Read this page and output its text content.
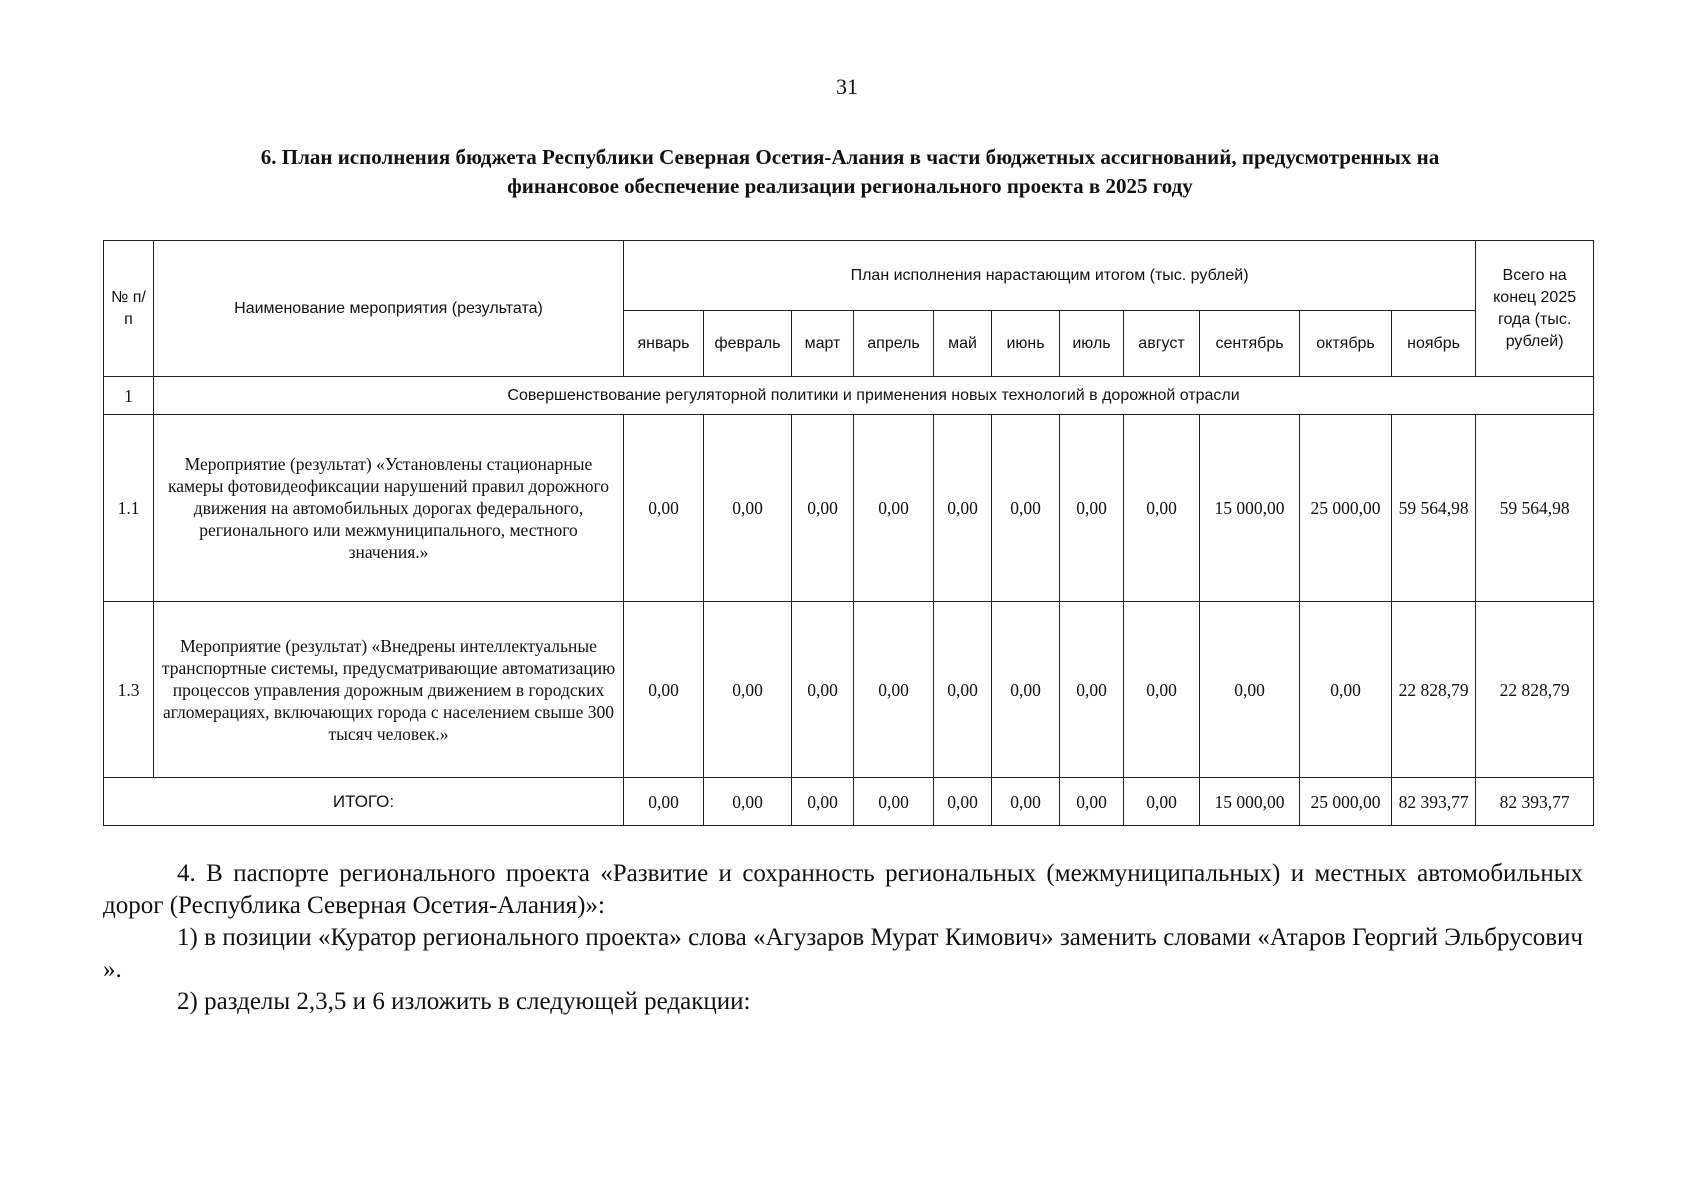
31
6. План исполнения бюджета Республики Северная Осетия-Алания в части бюджетных ассигнований, предусмотренных на
финансовое обеспечение реализации регионального проекта в 2025 году
№ п/п	Наименование мероприятия (результата)	План исполнения нарастающим итогом (тыс. рублей)											Всего на конец 2025 года (тыс. рублей)
		январь	февраль	март	апрель	май	июнь	июль	август	сентябрь	октябрь	ноябрь	
1	Совершенствование регуляторной политики и применения новых технологий в дорожной отрасли												
1.1	Мероприятие (результат) «Установлены стационарные камеры фотовидеофиксации нарушений правил дорожного движения на автомобильных дорогах федерального, регионального или межмуниципального, местного значения.»	0,00	0,00	0,00	0,00	0,00	0,00	0,00	0,00	15 000,00	25 000,00	59 564,98	59 564,98
1.3	Мероприятие (результат) «Внедрены интеллектуальные транспортные системы, предусматривающие автоматизацию процессов управления дорожным движением в городских агломерациях, включающих города с населением свыше 300 тысяч человек.»	0,00	0,00	0,00	0,00	0,00	0,00	0,00	0,00	0,00	0,00	22 828,79	22 828,79
ИТОГО:		0,00	0,00	0,00	0,00	0,00	0,00	0,00	0,00	15 000,00	25 000,00	82 393,77	82 393,77

4. В паспорте регионального проекта «Развитие и сохранность региональных (межмуниципальных) и местных автомобильных дорог (Республика Северная Осетия-Алания)»:

1) в позиции «Куратор регионального проекта» слова «Агузаров Мурат Кимович» заменить словами «Атаров Георгий Эльбрусович ».

2) разделы 2,3,5 и 6 изложить в следующей редакции:
